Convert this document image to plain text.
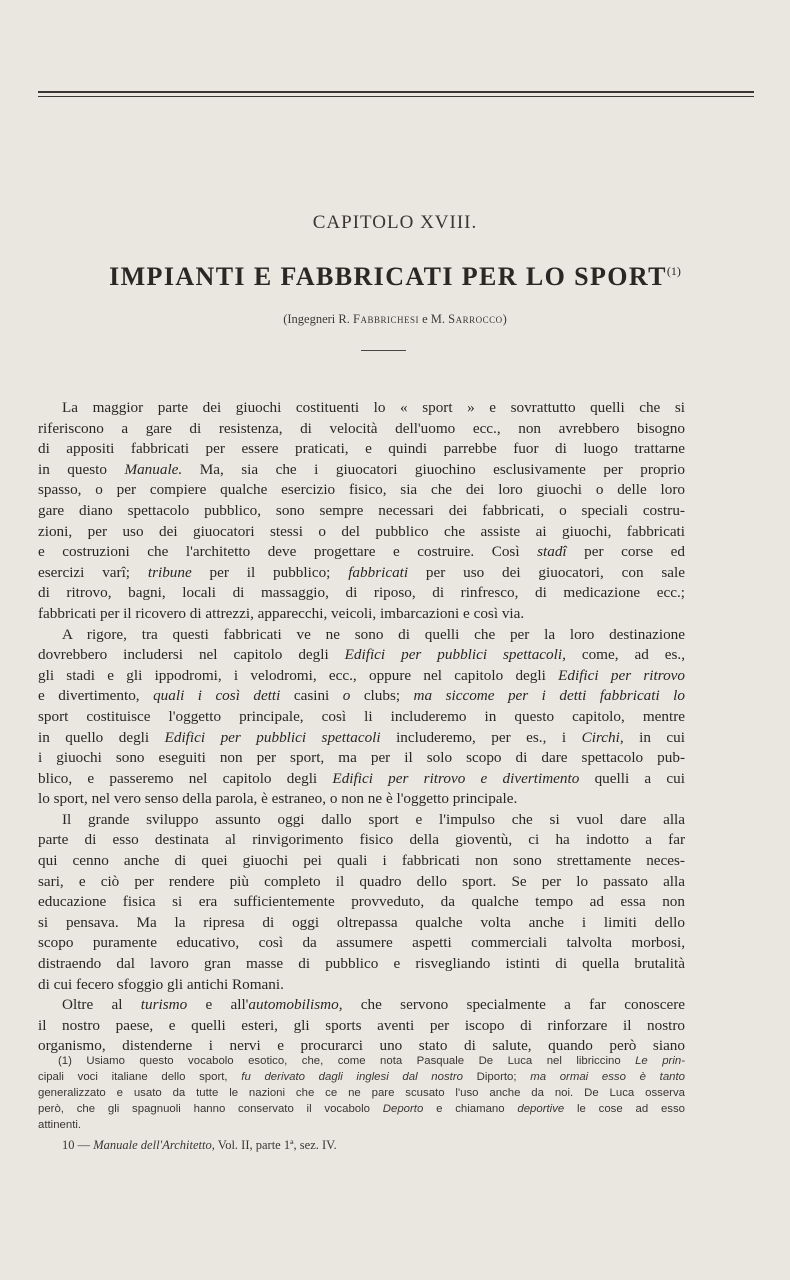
CAPITOLO XVIII.
IMPIANTI E FABBRICATI PER LO SPORT$^{(1)}$
(Ingegneri R. Fabbrichesi e M. Sarrocco)
La maggior parte dei giuochi costituenti lo « sport » e sovrattutto quelli che si
riferiscono a gare di resistenza, di velocità dell'uomo ecc., non avrebbero bisogno
di appositi fabbricati per essere praticati, e quindi parrebbe fuor di luogo trattarne
in questo Manuale. Ma, sia che i giuocatori giuochino esclusivamente per proprio
spasso, o per compiere qualche esercizio fisico, sia che dei loro giuochi o delle loro
gare diano spettacolo pubblico, sono sempre necessari dei fabbricati, o speciali costru-
zioni, per uso dei giuocatori stessi o del pubblico che assiste ai giuochi, fabbricati
e costruzioni che l'architetto deve progettare e costruire. Così stadî per corse ed
esercizi varî; tribune per il pubblico; fabbricati per uso dei giuocatori, con sale
di ritrovo, bagni, locali di massaggio, di riposo, di rinfresco, di medicazione ecc.;
fabbricati per il ricovero di attrezzi, apparecchi, veicoli, imbarcazioni e così via.
A rigore, tra questi fabbricati ve ne sono di quelli che per la loro destinazione
dovrebbero includersi nel capitolo degli Edifici per pubblici spettacoli, come, ad es.,
gli stadi e gli ippodromi, i velodromi, ecc., oppure nel capitolo degli Edifici per ritrovo
e divertimento, quali i così detti casini o clubs; ma siccome per i detti fabbricati lo
sport costituisce l'oggetto principale, così li includeremo in questo capitolo, mentre
in quello degli Edifici per pubblici spettacoli includeremo, per es., i Circhi, in cui
i giuochi sono eseguiti non per sport, ma per il solo scopo di dare spettacolo pub-
blico, e passeremo nel capitolo degli Edifici per ritrovo e divertimento quelli a cui
lo sport, nel vero senso della parola, è estraneo, o non ne è l'oggetto principale.
Il grande sviluppo assunto oggi dallo sport e l'impulso che si vuol dare alla
parte di esso destinata al rinvigorimento fisico della gioventù, ci ha indotto a far
qui cenno anche di quei giuochi pei quali i fabbricati non sono strettamente neces-
sari, e ciò per rendere più completo il quadro dello sport. Se per lo passato alla
educazione fisica si era sufficientemente provveduto, da qualche tempo ad essa non
si pensava. Ma la ripresa di oggi oltrepassa qualche volta anche i limiti dello
scopo puramente educativo, così da assumere aspetti commerciali talvolta morbosi,
distraendo dal lavoro gran masse di pubblico e risvegliando istinti di quella brutalità
di cui fecero sfoggio gli antichi Romani.
Oltre al turismo e all'automobilismo, che servono specialmente a far conoscere
il nostro paese, e quelli esteri, gli sports aventi per iscopo di rinforzare il nostro
organismo, distenderne i nervi e procurarci uno stato di salute, quando però siano
(1) Usiamo questo vocabolo esotico, che, come nota Pasquale De Luca nel libriccino Le prin-
cipali voci italiane dello sport, fu derivato dagli inglesi dal nostro Diporto; ma ormai esso è tanto
generalizzato e usato da tutte le nazioni che ce ne pare scusato l'uso anche da noi. De Luca osserva
però, che gli spagnuoli hanno conservato il vocabolo Deporto e chiamano deportive le cose ad esso
attinenti.
10 — Manuale dell'Architetto, Vol. II, parte 1ª, sez. IV.
